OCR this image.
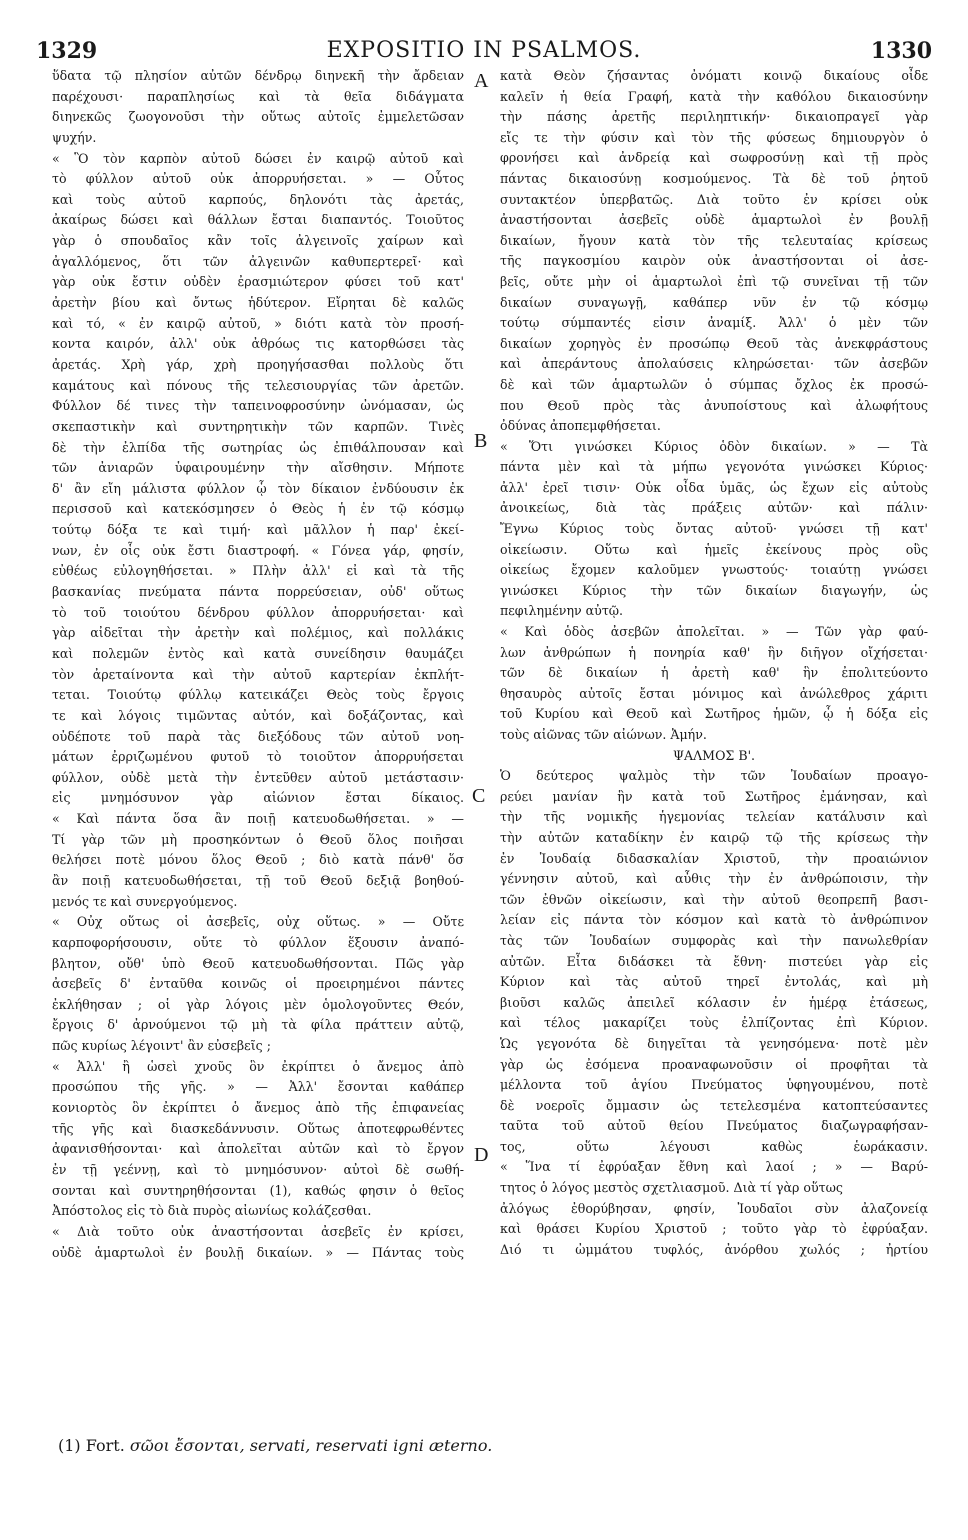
1329	EXPOSITIO IN PSALMOS.	1330
ὕδατα τῷ πλησίον αὐτῶν δένδρῳ διηνεκῆ τὴν ἄρδειαν
παρέχουσι· παραπλησίως καὶ τὰ θεῖα διδάγματα
διηνεκῶς ζωογονοῦσι τὴν οὕτως αὐτοῖς ἐμμελετῶσαν
ψυχήν.
« Ὃ τὸν καρπὸν αὐτοῦ δώσει ἐν καιρῷ αὐτοῦ καὶ
τὸ φύλλον αὐτοῦ οὐκ ἀπορρυήσεται. » — Οὗτος
καὶ τοὺς αὐτοῦ καρπούς, δηλονότι τὰς ἀρετάς,
ἀκαίρως δώσει καὶ θάλλων ἔσται διαπαντός. Τοιοῦτος
γὰρ ὁ σπουδαῖος κἂν τοῖς ἀλγεινοῖς χαίρων καὶ
ἀγαλλόμενος, ὅτι τῶν ἀλγεινῶν καθυπερτερεῖ· καὶ
γὰρ οὐκ ἔστιν οὐδὲν ἐρασμιώτερον φύσει τοῦ κατ'
ἀρετὴν βίου καὶ ὄντως ἡδύτερον. Εἴρηται δὲ καλῶς
καὶ τό, « ἐν καιρῷ αὐτοῦ, » διότι κατὰ τὸν προσή-
κοντα καιρόν, ἀλλ' οὐκ ἀθρόως τις κατορθώσει τὰς
ἀρετάς. Χρὴ γάρ, χρὴ προηγήσασθαι πολλοὺς ὅτι
καμάτους καὶ πόνους τῆς τελεσιουργίας τῶν ἀρετῶν.
Φύλλον δέ τινες τὴν ταπεινοφροσύνην ὠνόμασαν, ὡς
σκεπαστικὴν καὶ συντηρητικὴν τῶν καρπῶν. Τινὲς
δὲ τὴν ἐλπίδα τῆς σωτηρίας ὡς ἐπιθάλπουσαν καὶ
τῶν ἀνιαρῶν ὑφαιρουμένην τὴν αἴσθησιν. Μήποτε
δ' ἂν εἴη μάλιστα φύλλον ᾧ τὸν δίκαιον ἐνδύουσιν ἐκ
περισσοῦ καὶ κατεκόσμησεν ὁ Θεὸς ἡ ἐν τῷ κόσμῳ
τούτῳ δόξα τε καὶ τιμή· καὶ μᾶλλον ἡ παρ' ἐκεί-
νων, ἐν οἷς οὐκ ἔστι διαστροφή. « Γόνεα γάρ, φησίν,
εὐθέως εὐλογηθήσεται. » Πλὴν ἀλλ' εἰ καὶ τὰ τῆς
βασκανίας πνεύματα πάντα πορρεύσειαν, οὐδ' οὕτως
τὸ τοῦ τοιούτου δένδρου φύλλον ἀπορρυήσεται· καὶ
γὰρ αἰδεῖται τὴν ἀρετὴν καὶ πολέμιος, καὶ πολλάκις
καὶ πολεμῶν ἐντὸς καὶ κατὰ συνείδησιν θαυμάζει
τὸν ἀρεταίνοντα καὶ τὴν αὐτοῦ καρτερίαν ἐκπλήτ-
τεται. Τοιούτῳ φύλλῳ κατεικάζει Θεὸς τοὺς ἔργοις
τε καὶ λόγοις τιμῶντας αὐτόν, καὶ δοξάζοντας, καὶ
οὐδέποτε τοῦ παρὰ τὰς διεξόδους τῶν αὐτοῦ νοη-
μάτων ἐρριζωμένου φυτοῦ τὸ τοιοῦτον ἀπορρυήσεται
φύλλον, οὐδὲ μετὰ τὴν ἐντεῦθεν αὐτοῦ μετάστασιν·
εἰς μνημόσυνον γὰρ αἰώνιον ἔσται δίκαιος.
« Καὶ πάντα ὅσα ἂν ποιῇ κατευοδωθήσεται. » —
Τί γὰρ τῶν μὴ προσηκόντων ὁ Θεοῦ ὅλος ποιῆσαι
θελήσει ποτὲ μόνου ὅλος Θεοῦ ; διὸ κατὰ πάνθ' ὅσ
ἂν ποιῇ κατευοδωθήσεται, τῇ τοῦ Θεοῦ δεξιᾷ βοηθού-
μενός τε καὶ συνεργούμενος.
« Οὐχ οὕτως οἱ ἀσεβεῖς, οὐχ οὕτως. » — Οὔτε
καρποφορήσουσιν, οὔτε τὸ φύλλον ἕξουσιν ἀναπό-
βλητον, οὔθ' ὑπὸ Θεοῦ κατευοδωθήσονται. Πῶς γὰρ
ἀσεβεῖς δ' ἐνταῦθα κοινῶς οἱ προειρημένοι πάντες
ἐκλήθησαν ; οἱ γὰρ λόγοις μὲν ὁμολογοῦντες Θεόν,
ἔργοις δ' ἀρνούμενοι τῷ μὴ τὰ φίλα πράττειν αὐτῷ,
πῶς κυρίως λέγοιντ' ἂν εὐσεβεῖς ;
« Ἀλλ' ἢ ὡσεὶ χνοῦς ὃν ἐκρίπτει ὁ ἄνεμος ἀπὸ
προσώπου τῆς γῆς. » — Ἀλλ' ἔσονται καθάπερ
κονιορτὸς ὃν ἐκρίπτει ὁ ἄνεμος ἀπὸ τῆς ἐπιφανείας
τῆς γῆς καὶ διασκεδάννυσιν. Οὕτως ἀποτεφρωθέντες
ἀφανισθήσονται· καὶ ἀπολεῖται αὐτῶν καὶ τὸ ἔργον
ἐν τῇ γεέννῃ, καὶ τὸ μνημόσυνον· αὐτοὶ δὲ σωθή-
σονται καὶ συντηρηθήσονται (1), καθώς φησιν ὁ θεῖος
Ἀπόστολος εἰς τὸ διὰ πυρὸς αἰωνίως κολάζεσθαι.
« Διὰ τοῦτο οὐκ ἀναστήσονται ἀσεβεῖς ἐν κρίσει,
οὐδὲ ἁμαρτωλοὶ ἐν βουλῇ δικαίων. » — Πάντας τοὺς
κατὰ Θεὸν ζήσαντας ὀνόματι κοινῷ δικαίους οἶδε
καλεῖν ἡ θεία Γραφή, κατὰ τὴν καθόλου δικαιοσύνην
τὴν πάσης ἀρετῆς περιληπτικήν· δικαιοπραγεῖ γὰρ
εἴς τε τὴν φύσιν καὶ τὸν τῆς φύσεως δημιουργὸν ὁ
φρονήσει καὶ ἀνδρείᾳ καὶ σωφροσύνῃ καὶ τῇ πρὸς
πάντας δικαιοσύνῃ κοσμούμενος. Τὰ δὲ τοῦ ῥητοῦ
συντακτέον ὑπερβατῶς. Διὰ τοῦτο ἐν κρίσει οὐκ
ἀναστήσονται ἀσεβεῖς οὐδὲ ἁμαρτωλοὶ ἐν βουλῇ
δικαίων, ἤγουν κατὰ τὸν τῆς τελευταίας κρίσεως
τῆς παγκοσμίου καιρὸν οὐκ ἀναστήσονται οἱ ἀσε-
βεῖς, οὔτε μὴν οἱ ἁμαρτωλοὶ ἐπὶ τῷ συνεῖναι τῇ τῶν
δικαίων συναγωγῇ, καθάπερ νῦν ἐν τῷ κόσμῳ
τούτῳ σύμπαντές εἰσιν ἀναμίξ. Ἀλλ' ὁ μὲν τῶν
δικαίων χορηγὸς ἐν προσώπῳ Θεοῦ τὰς ἀνεκφράστους
καὶ ἀπεράντους ἀπολαύσεις κληρώσεται· τῶν ἀσεβῶν
δὲ καὶ τῶν ἁμαρτωλῶν ὁ σύμπας ὄχλος ἐκ προσώ-
που Θεοῦ πρὸς τὰς ἀνυποίστους καὶ ἀλωφήτους
ὀδύνας ἀποπεμφθήσεται.
« Ὅτι γινώσκει Κύριος ὁδὸν δικαίων. » — Τὰ
πάντα μὲν καὶ τὰ μήπω γεγονότα γινώσκει Κύριος·
ἀλλ' ἐρεῖ τισιν· Οὐκ οἶδα ὑμᾶς, ὡς ἔχων εἰς αὐτοὺς
ἀνοικείως, διὰ τὰς πράξεις αὐτῶν· καὶ πάλιν·
Ἔγνω Κύριος τοὺς ὄντας αὐτοῦ· γνώσει τῇ κατ'
οἰκείωσιν. Οὕτω καὶ ἡμεῖς ἐκείνους πρὸς οὓς
οἰκείως ἔχομεν καλοῦμεν γνωστούς· τοιαύτῃ γνώσει
γινώσκει Κύριος τὴν τῶν δικαίων διαγωγήν, ὡς
πεφιλημένην αὐτῷ.
« Καὶ ὁδὸς ἀσεβῶν ἀπολεῖται. » — Τῶν γὰρ φαύ-
λων ἀνθρώπων ἡ πονηρία καθ' ἣν διῆγον οἴχήσεται·
τῶν δὲ δικαίων ἡ ἀρετὴ καθ' ἣν ἐπολιτεύοντο
θησαυρὸς αὐτοῖς ἔσται μόνιμος καὶ ἀνώλεθρος χάριτι
τοῦ Κυρίου καὶ Θεοῦ καὶ Σωτῆρος ἡμῶν, ᾧ ἡ δόξα εἰς
τοὺς αἰῶνας τῶν αἰώνων. Ἀμήν.
ΨΑΛΜΟΣ Β'.
Ὁ δεύτερος ψαλμὸς τὴν τῶν Ἰουδαίων προαγο-
ρεύει μανίαν ἣν κατὰ τοῦ Σωτῆρος ἐμάνησαν, καὶ
τὴν τῆς νομικῆς ἡγεμονίας τελείαν κατάλυσιν καὶ
τὴν αὐτῶν καταδίκην ἐν καιρῷ τῷ τῆς κρίσεως τὴν
ἐν Ἰουδαίᾳ διδασκαλίαν Χριστοῦ, τὴν προαιώνιον
γέννησιν αὐτοῦ, καὶ αὖθις τὴν ἐν ἀνθρώποισιν, τὴν
τῶν ἐθνῶν οἰκείωσιν, καὶ τὴν αὐτοῦ θεοπρεπῆ βασι-
λείαν εἰς πάντα τὸν κόσμον καὶ κατὰ τὸ ἀνθρώπινον
τὰς τῶν Ἰουδαίων συμφορὰς καὶ τὴν πανωλεθρίαν
αὐτῶν. Εἶτα διδάσκει τὰ ἔθνη· πιστεύει γὰρ εἰς
Κύριον καὶ τὰς αὐτοῦ τηρεῖ ἐντολάς, καὶ μὴ
βιοῦσι καλῶς ἀπειλεῖ κόλασιν ἐν ἡμέρᾳ ἐτάσεως,
καὶ τέλος μακαρίζει τοὺς ἐλπίζοντας ἐπὶ Κύριον.
Ὡς γεγονότα δὲ διηγεῖται τὰ γενησόμενα· ποτὲ μὲν
γὰρ ὡς ἐσόμενα προαναφωνοῦσιν οἱ προφῆται τὰ
μέλλοντα τοῦ ἁγίου Πνεύματος ὑφηγουμένου, ποτὲ
δὲ νοεροῖς ὄμμασιν ὡς τετελεσμένα κατοπτεύσαντες
ταῦτα τοῦ αὐτοῦ θείου Πνεύματος διαζωγραφήσαν-
τος, οὕτω λέγουσι καθὼς ἑωράκασιν.
« Ἵνα τί ἐφρύαξαν ἔθνη καὶ λαοί ; » — Βαρύ-
τητος ὁ λόγος μεστὸς σχετλιασμοῦ. Διὰ τί γὰρ οὕτως
ἀλόγως ἐθορύβησαν, φησίν, Ἰουδαῖοι σὺν ἀλαζονείᾳ
καὶ θράσει Κυρίου Χριστοῦ ; τοῦτο γὰρ τὸ ἐφρύαξαν.
Διό τι ὠμμάτου τυφλός, ἀνόρθου χωλός ; ἠρτίου
A
B
C
D
(1) Fort. σῶοι ἔσονται, servati, reservati igni æterno.
